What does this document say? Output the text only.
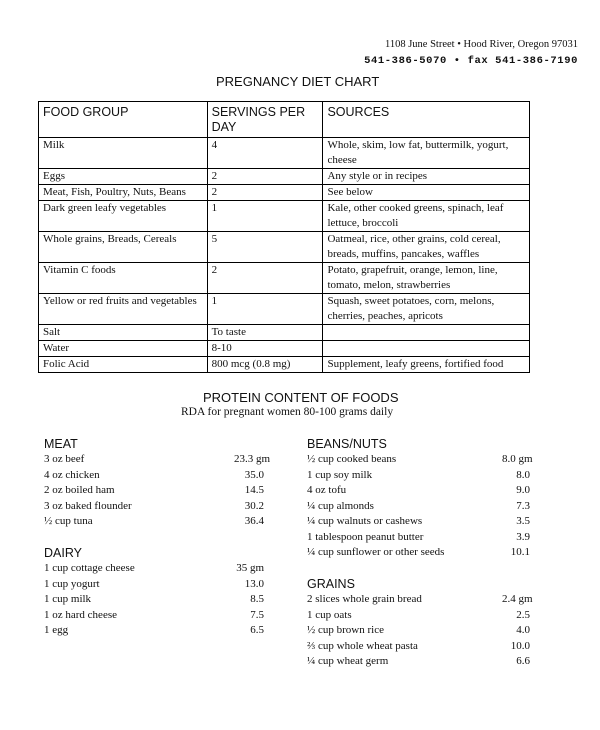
1108 June Street • Hood River, Oregon 97031
541-386-5070 • fax 541-386-7190
PREGNANCY DIET CHART
FOOD GROUP	SERVINGS PER DAY	SOURCES
Milk	4	Whole, skim, low fat, buttermilk, yogurt, cheese
Eggs	2	Any style or in recipes
Meat, Fish, Poultry, Nuts, Beans	2	See below
Dark green leafy vegetables	1	Kale, other cooked greens, spinach, leaf lettuce, broccoli
Whole grains, Breads, Cereals	5	Oatmeal, rice, other grains, cold cereal, breads, muffins, pancakes, waffles
Vitamin C foods	2	Potato, grapefruit, orange, lemon, line, tomato, melon, strawberries
Yellow or red fruits and vegetables	1	Squash, sweet potatoes, corn, melons, cherries, peaches, apricots
Salt	To taste	
Water	8-10	
Folic Acid	800 mcg (0.8 mg)	Supplement, leafy greens, fortified food
PROTEIN CONTENT OF FOODS
RDA for pregnant women 80-100 grams daily
MEAT
3 oz beef	23.3 gm
4 oz chicken	35.0
2 oz boiled ham	14.5
3 oz baked flounder	30.2
½ cup tuna	36.4
DAIRY
1 cup cottage cheese	35 gm
1 cup yogurt	13.0
1 cup milk	8.5
1 oz hard cheese	7.5
1 egg	6.5
BEANS/NUTS
½ cup cooked beans	8.0 gm
1 cup soy milk	8.0
4 oz tofu	9.0
¼ cup almonds	7.3
¼ cup walnuts or cashews	3.5
1 tablespoon peanut butter	3.9
¼ cup sunflower or other seeds	10.1
GRAINS
2 slices whole grain bread	2.4 gm
1 cup oats	2.5
½ cup brown rice	4.0
⅔ cup whole wheat pasta	10.0
¼ cup wheat germ	6.6
